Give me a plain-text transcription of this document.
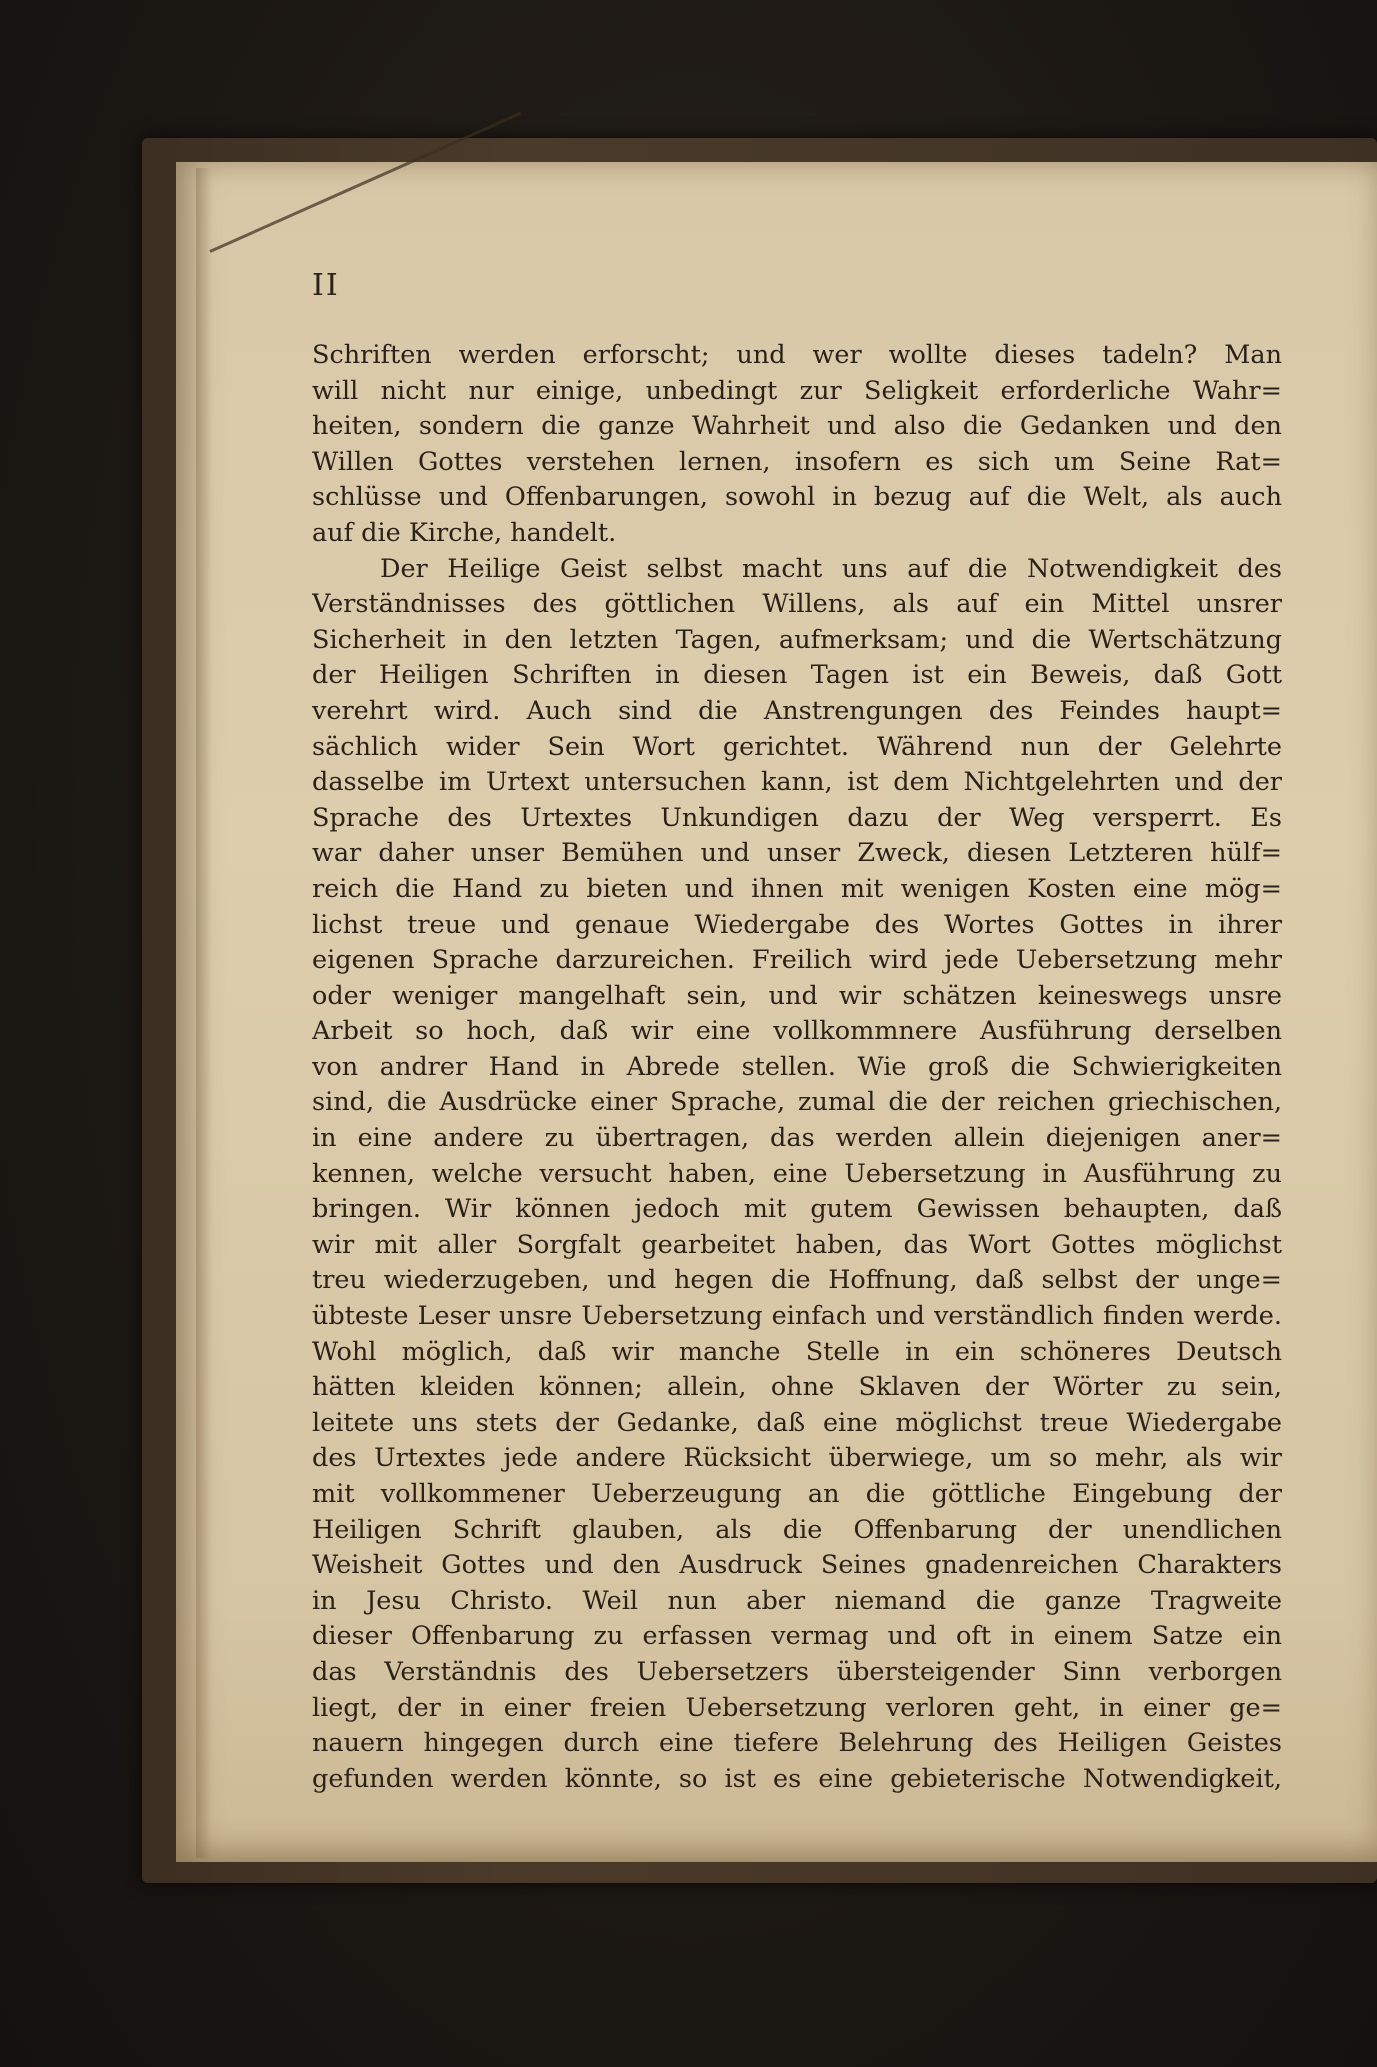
II
Schriften werden erforscht; und wer wollte dieses tadeln? Man
will nicht nur einige, unbedingt zur Seligkeit erforderliche Wahr=
heiten, sondern die ganze Wahrheit und also die Gedanken und den
Willen Gottes verstehen lernen, insofern es sich um Seine Rat=
schlüsse und Offenbarungen, sowohl in bezug auf die Welt, als auch
auf die Kirche, handelt.
Der Heilige Geist selbst macht uns auf die Notwendigkeit des
Verständnisses des göttlichen Willens, als auf ein Mittel unsrer
Sicherheit in den letzten Tagen, aufmerksam; und die Wertschätzung
der Heiligen Schriften in diesen Tagen ist ein Beweis, daß Gott
verehrt wird. Auch sind die Anstrengungen des Feindes haupt=
sächlich wider Sein Wort gerichtet. Während nun der Gelehrte
dasselbe im Urtext untersuchen kann, ist dem Nichtgelehrten und der
Sprache des Urtextes Unkundigen dazu der Weg versperrt. Es
war daher unser Bemühen und unser Zweck, diesen Letzteren hülf=
reich die Hand zu bieten und ihnen mit wenigen Kosten eine mög=
lichst treue und genaue Wiedergabe des Wortes Gottes in ihrer
eigenen Sprache darzureichen. Freilich wird jede Uebersetzung mehr
oder weniger mangelhaft sein, und wir schätzen keineswegs unsre
Arbeit so hoch, daß wir eine vollkommnere Ausführung derselben
von andrer Hand in Abrede stellen. Wie groß die Schwierigkeiten
sind, die Ausdrücke einer Sprache, zumal die der reichen griechischen,
in eine andere zu übertragen, das werden allein diejenigen aner=
kennen, welche versucht haben, eine Uebersetzung in Ausführung zu
bringen. Wir können jedoch mit gutem Gewissen behaupten, daß
wir mit aller Sorgfalt gearbeitet haben, das Wort Gottes möglichst
treu wiederzugeben, und hegen die Hoffnung, daß selbst der unge=
übteste Leser unsre Uebersetzung einfach und verständlich finden werde.
Wohl möglich, daß wir manche Stelle in ein schöneres Deutsch
hätten kleiden können; allein, ohne Sklaven der Wörter zu sein,
leitete uns stets der Gedanke, daß eine möglichst treue Wiedergabe
des Urtextes jede andere Rücksicht überwiege, um so mehr, als wir
mit vollkommener Ueberzeugung an die göttliche Eingebung der
Heiligen Schrift glauben, als die Offenbarung der unendlichen
Weisheit Gottes und den Ausdruck Seines gnadenreichen Charakters
in Jesu Christo. Weil nun aber niemand die ganze Tragweite
dieser Offenbarung zu erfassen vermag und oft in einem Satze ein
das Verständnis des Uebersetzers übersteigender Sinn verborgen
liegt, der in einer freien Uebersetzung verloren geht, in einer ge=
nauern hingegen durch eine tiefere Belehrung des Heiligen Geistes
gefunden werden könnte, so ist es eine gebieterische Notwendigkeit,
